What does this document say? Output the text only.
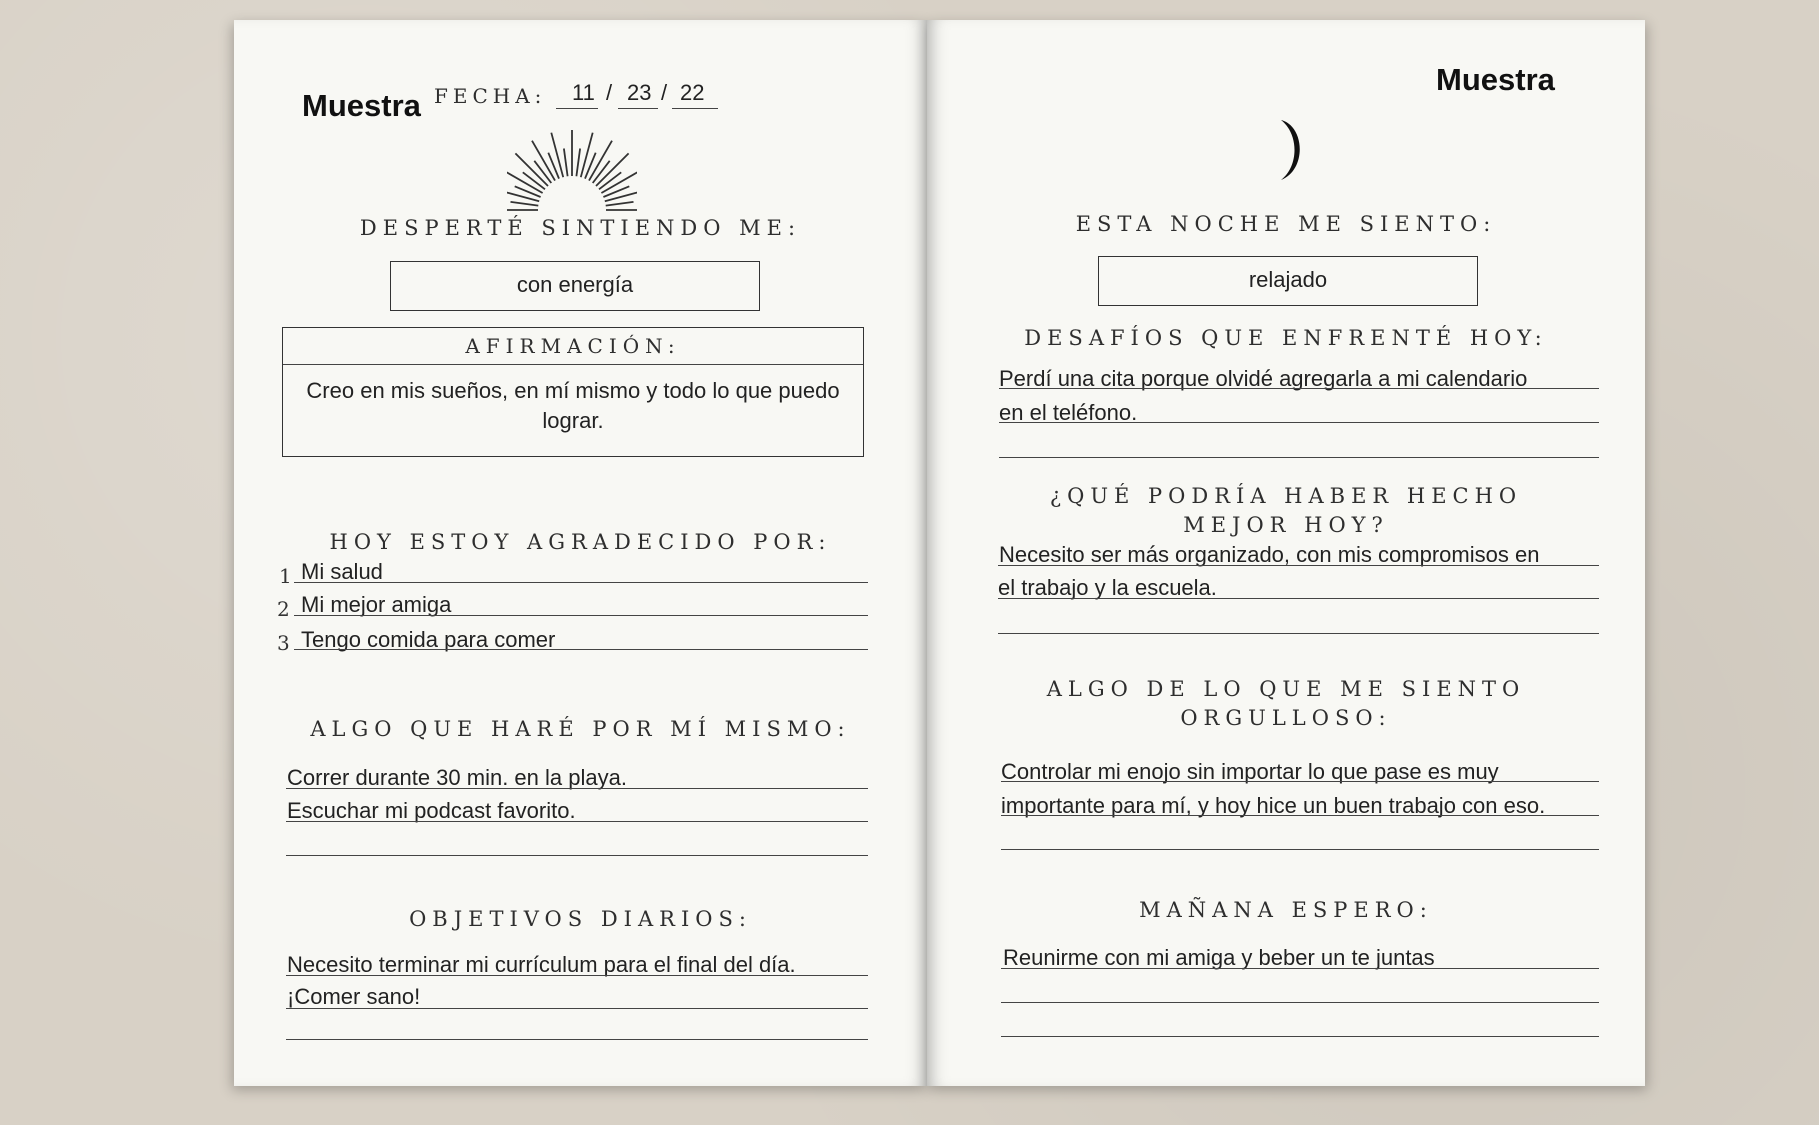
Muestra FECHA: 11 / 23 / 22
DESPERTÉ SINTIENDO ME:
con energía
AFIRMACIÓN:
Creo en mis sueños, en mí mismo y todo lo que puedo lograr.
HOY ESTOY AGRADECIDO POR:
1 Mi salud
2 Mi mejor amiga
3 Tengo comida para comer
ALGO QUE HARÉ POR MÍ MISMO:
Correr durante 30 min. en la playa.
Escuchar mi podcast favorito.
OBJETIVOS DIARIOS:
Necesito terminar mi currículum para el final del día.
¡Comer sano!
Muestra
ESTA NOCHE ME SIENTO:
relajado
DESAFÍOS QUE ENFRENTÉ HOY:
Perdí una cita porque olvidé agregarla a mi calendario
en el teléfono.
¿QUÉ PODRÍA HABER HECHO
MEJOR HOY?
Necesito ser más organizado, con mis compromisos en
el trabajo y la escuela.
ALGO DE LO QUE ME SIENTO
ORGULLOSO:
Controlar mi enojo sin importar lo que pase es muy
importante para mí, y hoy hice un buen trabajo con eso.
MAÑANA ESPERO:
Reunirme con mi amiga y beber un te juntas
